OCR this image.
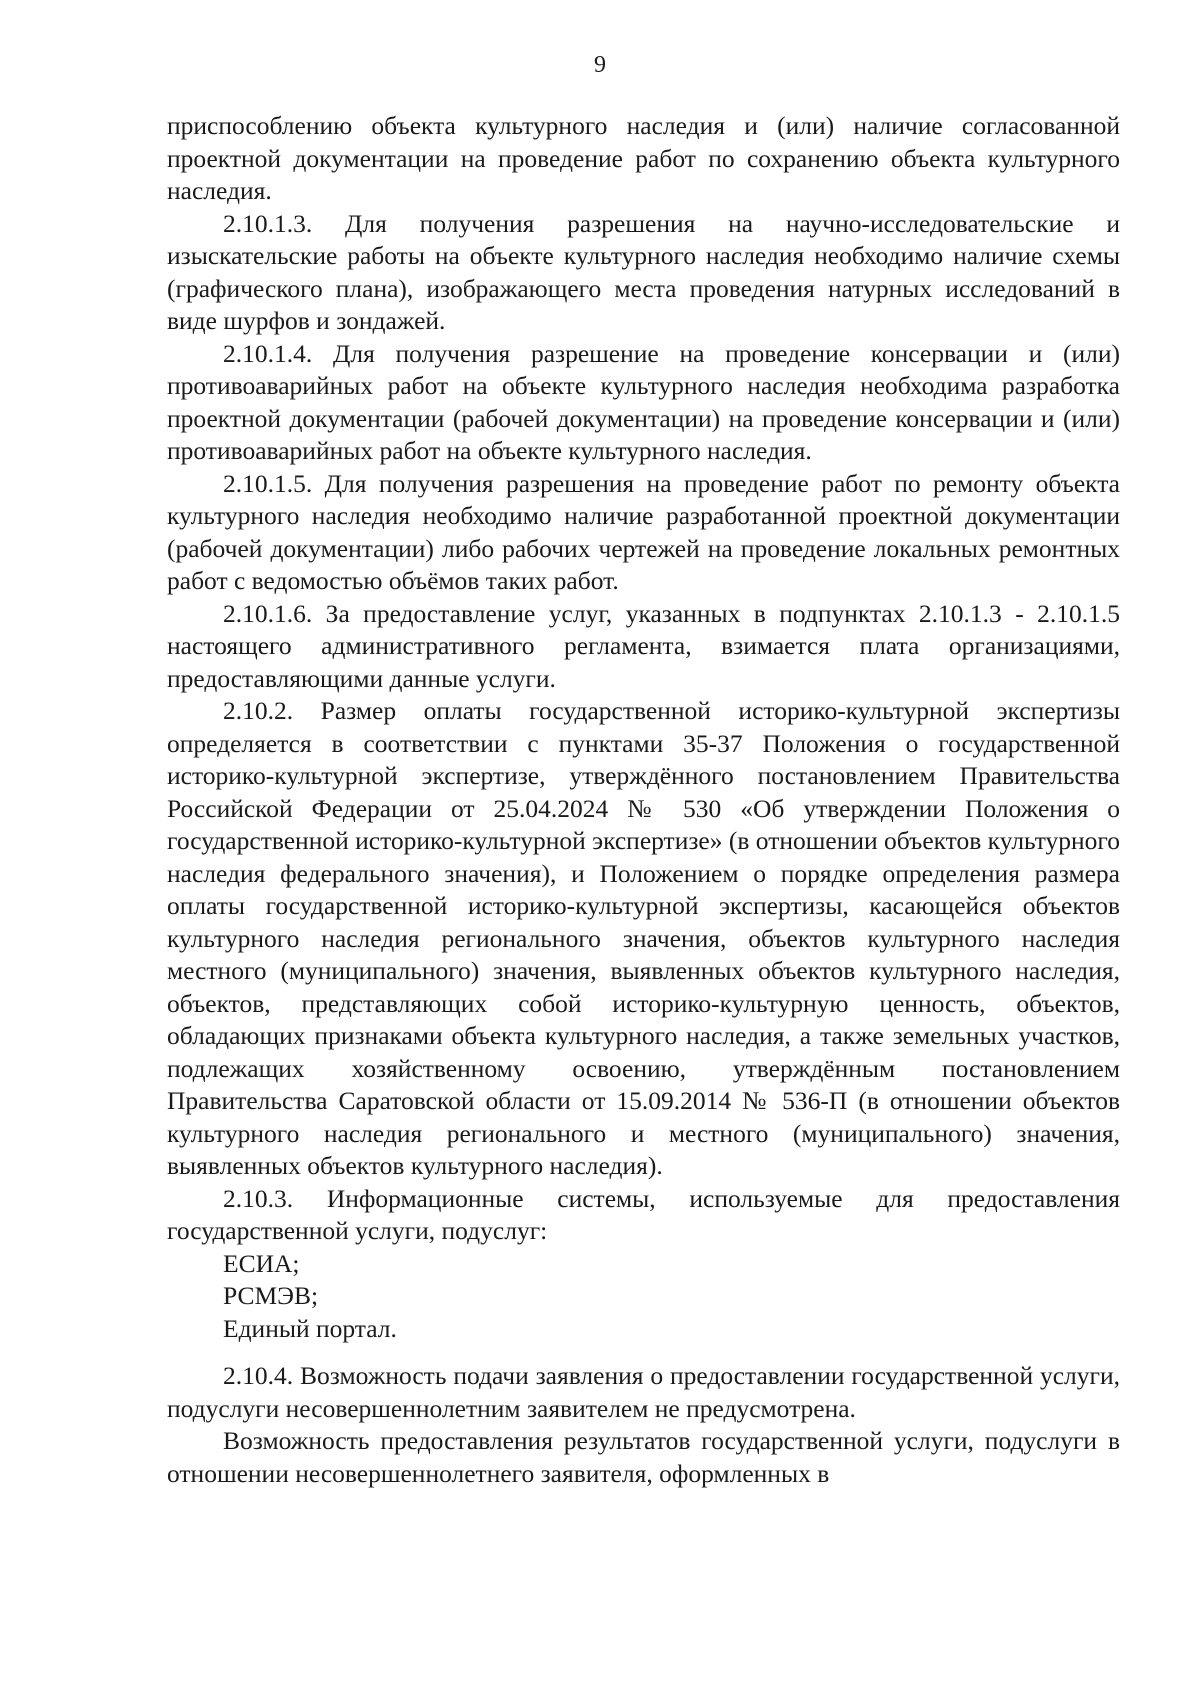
9

приспособлению объекта культурного наследия и (или) наличие согласованной проектной документации на проведение работ по сохранению объекта культурного наследия.

2.10.1.3. Для получения разрешения на научно-исследовательские и изыскательские работы на объекте культурного наследия необходимо наличие схемы (графического плана), изображающего места проведения натурных исследований в виде шурфов и зондажей.

2.10.1.4. Для получения разрешение на проведение консервации и (или) противоаварийных работ на объекте культурного наследия необходима разработка проектной документации (рабочей документации) на проведение консервации и (или) противоаварийных работ на объекте культурного наследия.

2.10.1.5. Для получения разрешения на проведение работ по ремонту объекта культурного наследия необходимо наличие разработанной проектной документации (рабочей документации) либо рабочих чертежей на проведение локальных ремонтных работ с ведомостью объёмов таких работ.

2.10.1.6. За предоставление услуг, указанных в подпунктах 2.10.1.3 - 2.10.1.5 настоящего административного регламента, взимается плата организациями, предоставляющими данные услуги.

2.10.2. Размер оплаты государственной историко-культурной экспертизы определяется в соответствии с пунктами 35-37 Положения о государственной историко-культурной экспертизе, утверждённого постановлением Правительства Российской Федерации от 25.04.2024 № 530 «Об утверждении Положения о государственной историко-культурной экспертизе» (в отношении объектов культурного наследия федерального значения), и Положением о порядке определения размера оплаты государственной историко-культурной экспертизы, касающейся объектов культурного наследия регионального значения, объектов культурного наследия местного (муниципального) значения, выявленных объектов культурного наследия, объектов, представляющих собой историко-культурную ценность, объектов, обладающих признаками объекта культурного наследия, а также земельных участков, подлежащих хозяйственному освоению, утверждённым постановлением Правительства Саратовской области от 15.09.2014 № 536-П (в отношении объектов культурного наследия регионального и местного (муниципального) значения, выявленных объектов культурного наследия).

2.10.3. Информационные системы, используемые для предоставления государственной услуги, подуслуг:

ЕСИА;

РСМЭВ;

Единый портал.

2.10.4. Возможность подачи заявления о предоставлении государственной услуги, подуслуги несовершеннолетним заявителем не предусмотрена.

Возможность предоставления результатов государственной услуги, подуслуги в отношении несовершеннолетнего заявителя, оформленных в
